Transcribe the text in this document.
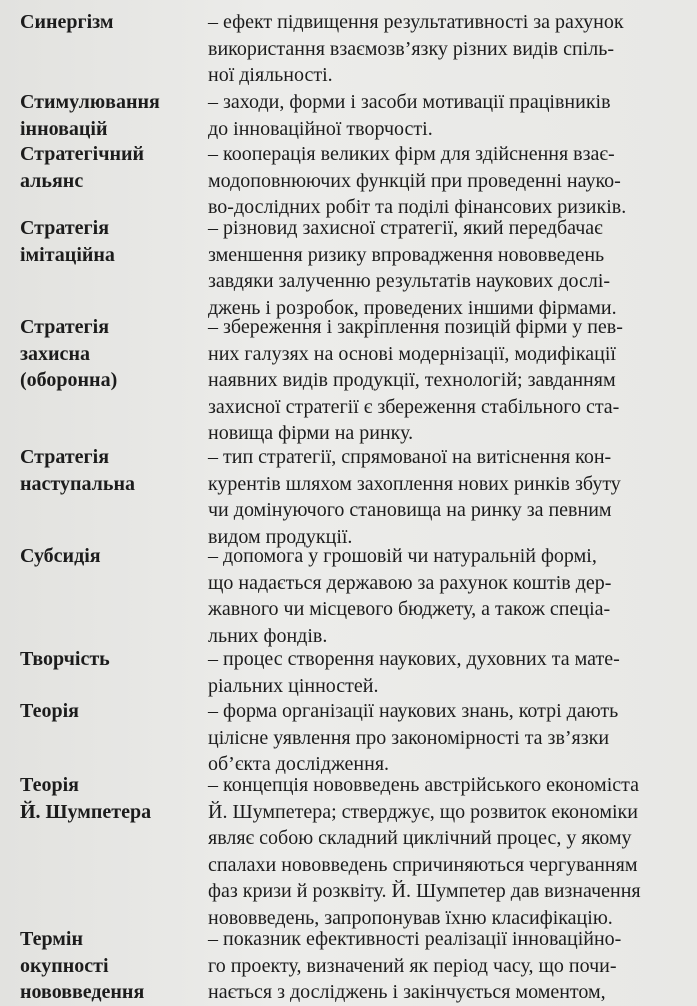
Синергізм	– ефект підвищення результативності за рахунок
використання взаємозв’язку різних видів спіль-
ної діяльності.
Стимулювання
інновацій
– заходи, форми і засоби мотивації працівників
до інноваційної творчості.
Стратегічний
альянс
– кооперація великих фірм для здійснення взає-
модоповнюючих функцій при проведенні науко-
во-дослідних робіт та поділі фінансових ризиків.
Стратегія
імітаційна
– різновид захисної стратегії, який передбачає
зменшення ризику впровадження нововведень
завдяки залученню результатів наукових дослі-
джень і розробок, проведених іншими фірмами.
Стратегія
захисна
(оборонна)
– збереження і закріплення позицій фірми у пев-
них галузях на основі модернізації, модифікації
наявних видів продукції, технологій; завданням
захисної стратегії є збереження стабільного ста-
новища фірми на ринку.
Стратегія
наступальна
– тип стратегії, спрямованої на витіснення кон-
курентів шляхом захоплення нових ринків збуту
чи домінуючого становища на ринку за певним
видом продукції.
Субсидія	– допомога у грошовій чи натуральній формі,
що надається державою за рахунок коштів дер-
жавного чи місцевого бюджету, а також спеціа-
льних фондів.
Творчість	– процес створення наукових, духовних та мате-
ріальних цінностей.
Теорія	– форма організації наукових знань, котрі дають
цілісне уявлення про закономірності та зв’язки
об’єкта дослідження.
Теорія
Й. Шумпетера
– концепція нововведень австрійського економіста
Й. Шумпетера; стверджує, що розвиток економіки
являє собою складний циклічний процес, у якому
спалахи нововведень спричиняються чергуванням
фаз кризи й розквіту. Й. Шумпетер дав визначення
нововведень, запропонував їхню класифікацію.
Термін
окупності
нововведення
– показник ефективності реалізації інноваційно-
го проекту, визначений як період часу, що почи-
нається з досліджень і закінчується моментом,
